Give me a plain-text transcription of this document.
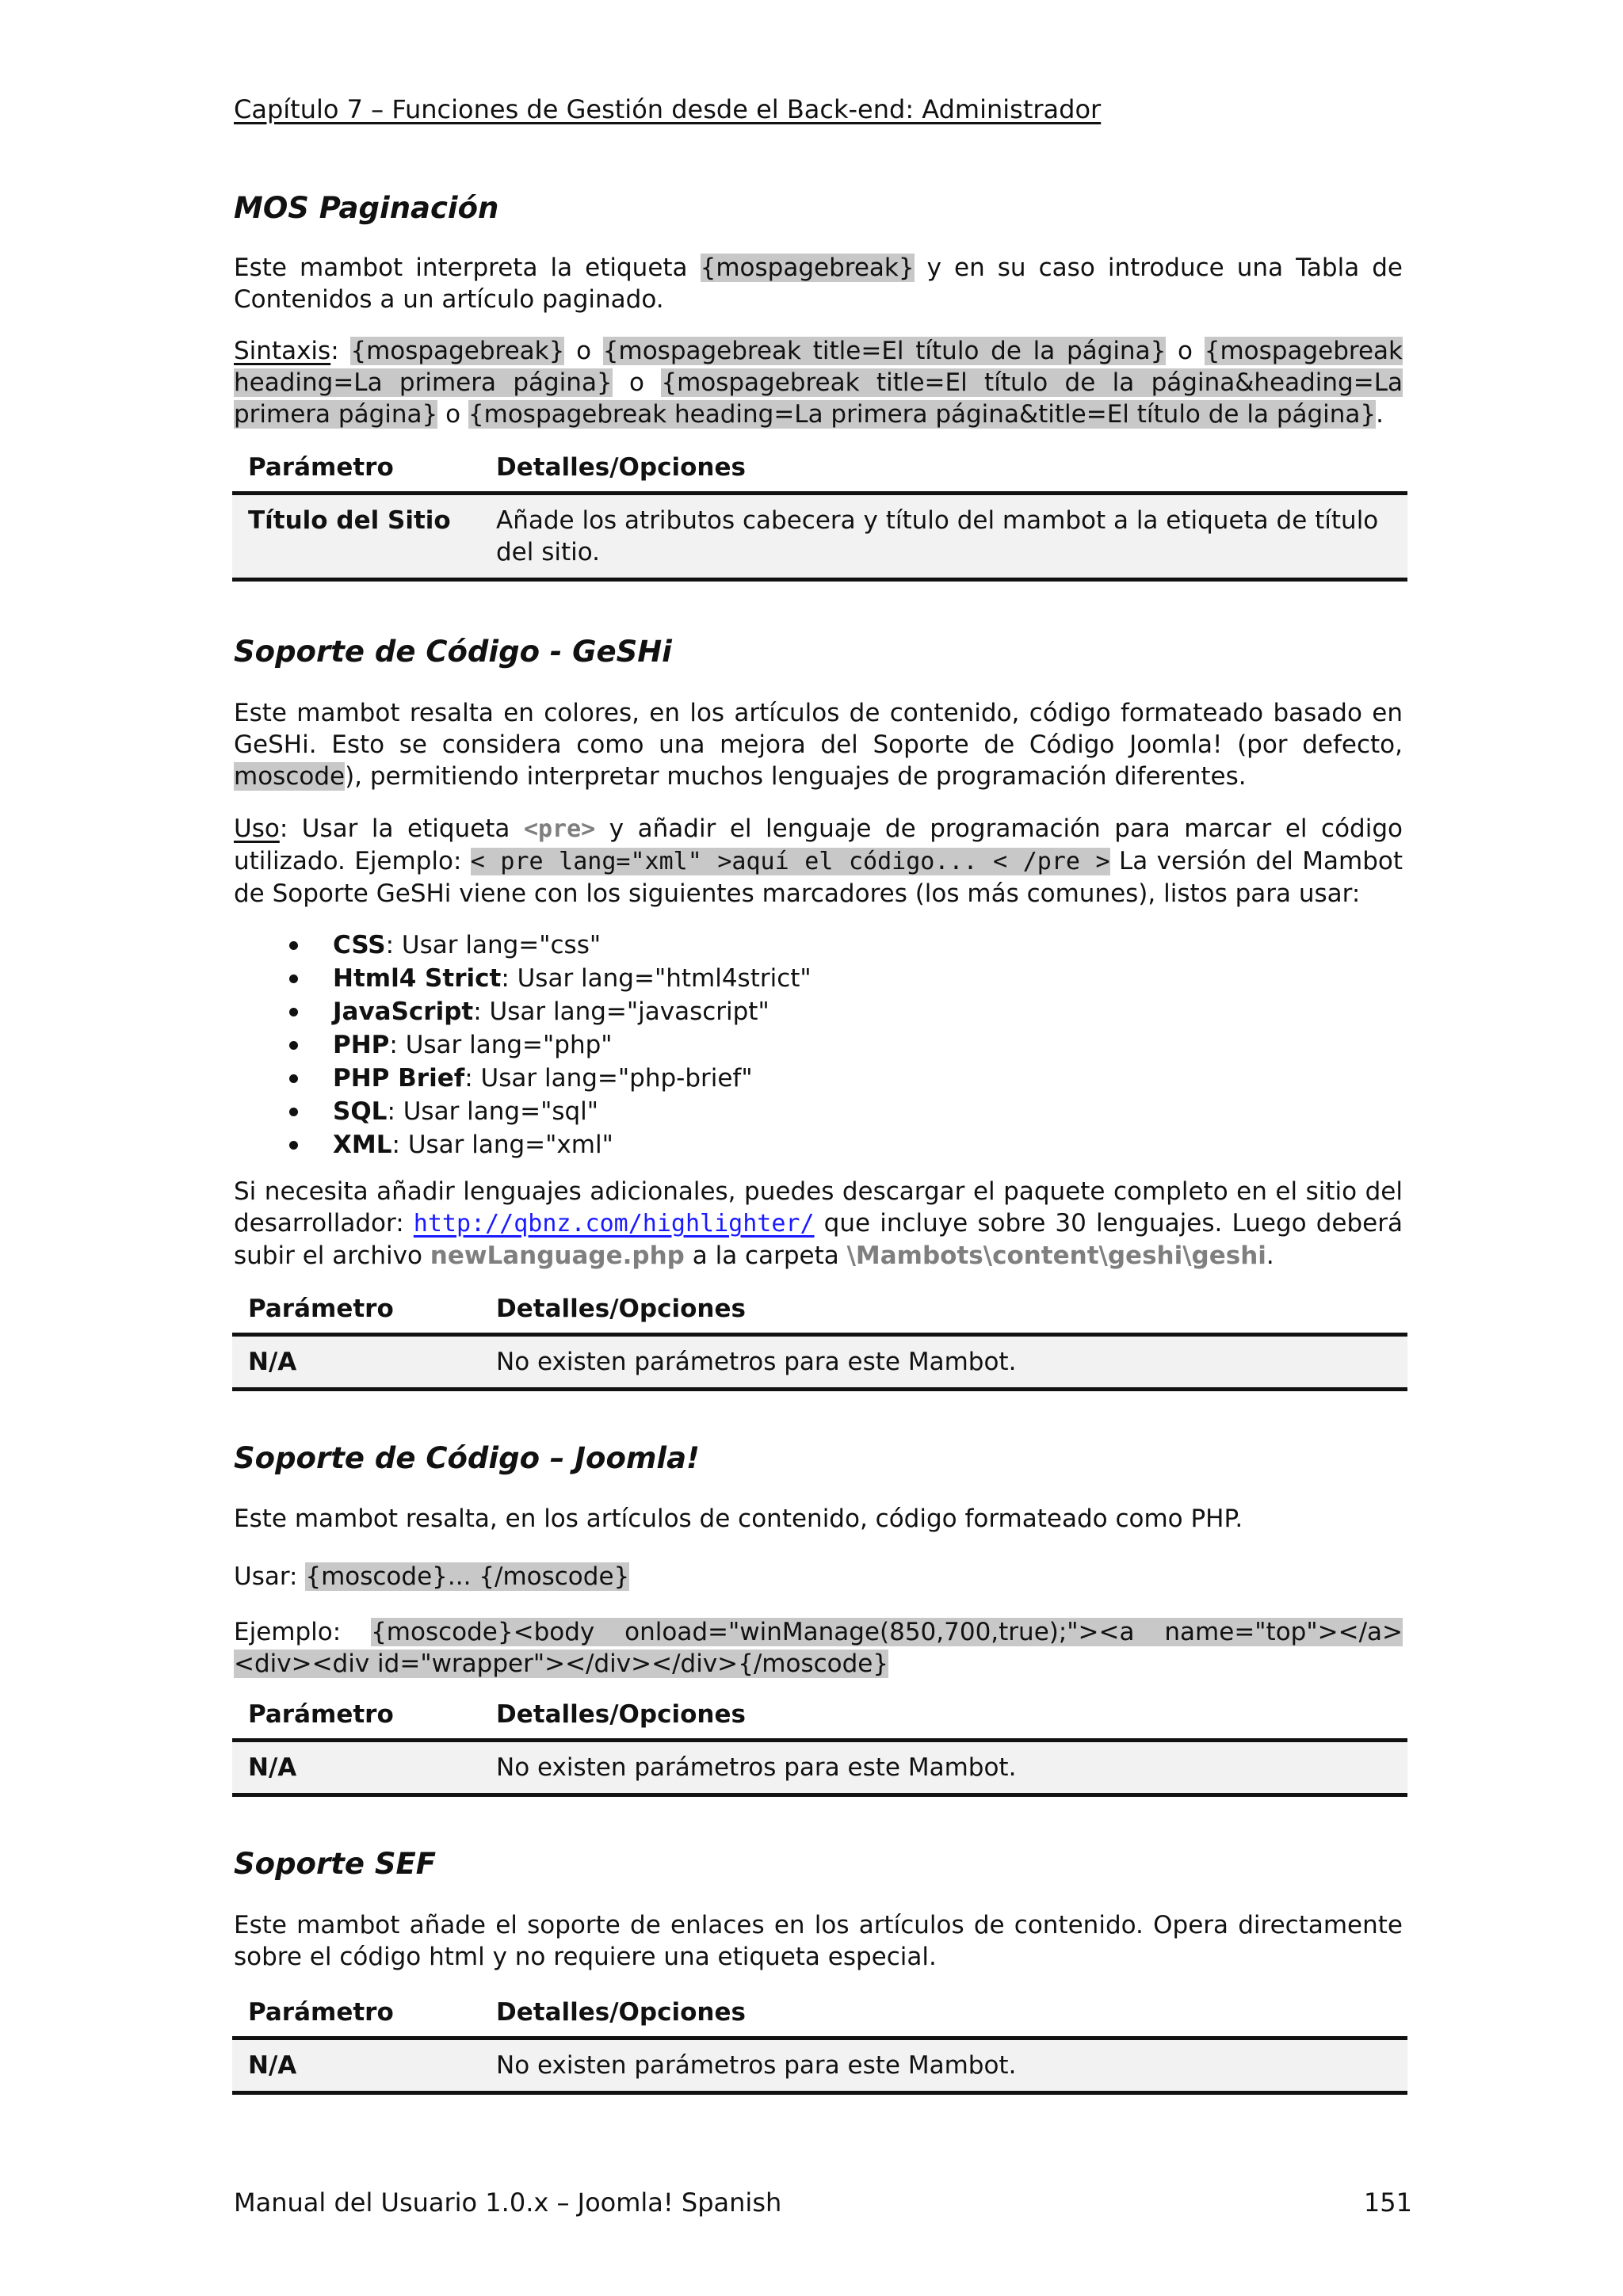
Capítulo 7 – Funciones de Gestión desde el Back-end: Administrador
MOS Paginación

Este mambot interpreta la etiqueta {mospagebreak} y en su caso introduce una Tabla de Contenidos a un artículo paginado.

Sintaxis: {mospagebreak} o {mospagebreak title=El título de la página} o {mospagebreak heading=La primera página} o {mospagebreak title=El título de la página&heading=La primera página} o {mospagebreak heading=La primera página&title=El título de la página}.

Parámetro	Detalles/Opciones
Título del Sitio	Añade los atributos cabecera y título del mambot a la etiqueta de título del sitio.
Soporte de Código - GeSHi

Este mambot resalta en colores, en los artículos de contenido, código formateado basado en GeSHi. Esto se considera como una mejora del Soporte de Código Joomla! (por defecto, moscode), permitiendo interpretar muchos lenguajes de programación diferentes.

Uso: Usar la etiqueta <pre> y añadir el lenguaje de programación para marcar el código utilizado. Ejemplo: < pre lang="xml" >aquí el código... < /pre > La versión del Mambot de Soporte GeSHi viene con los siguientes marcadores (los más comunes), listos para usar:

CSS: Usar lang="css"
Html4 Strict: Usar lang="html4strict"
JavaScript: Usar lang="javascript"
PHP: Usar lang="php"
PHP Brief: Usar lang="php-brief"
SQL: Usar lang="sql"
XML: Usar lang="xml"

Si necesita añadir lenguajes adicionales, puedes descargar el paquete completo en el sitio del desarrollador: http://qbnz.com/highlighter/ que incluye sobre 30 lenguajes. Luego deberá subir el archivo newLanguage.php a la carpeta \Mambots\content\geshi\geshi.

Parámetro	Detalles/Opciones
N/A	No existen parámetros para este Mambot.
Soporte de Código – Joomla!

Este mambot resalta, en los artículos de contenido, código formateado como PHP.

Usar: {moscode}... {/moscode}

Ejemplo: {moscode}<body onload="winManage(850,700,true);"><a name="top"></a><div><div id="wrapper"></div></div>{/moscode}

Parámetro	Detalles/Opciones
N/A	No existen parámetros para este Mambot.
Soporte SEF

Este mambot añade el soporte de enlaces en los artículos de contenido. Opera directamente sobre el código html y no requiere una etiqueta especial.

Parámetro	Detalles/Opciones
N/A	No existen parámetros para este Mambot.
Manual del Usuario 1.0.x – Joomla! Spanish	151
